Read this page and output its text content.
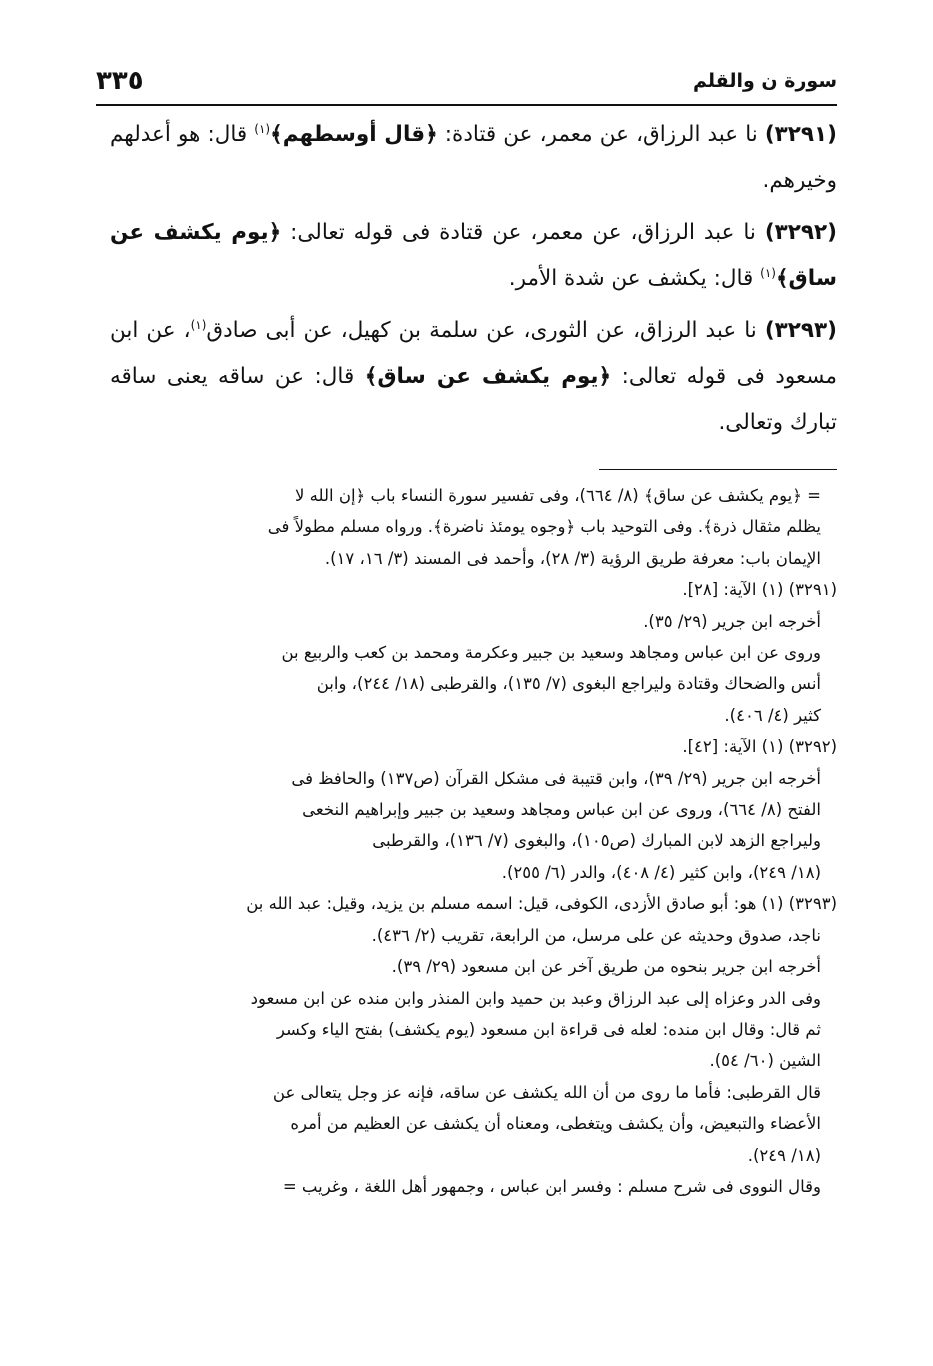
سورة ن والقلم
٣٣٥

(٣٢٩١) نا عبد الرزاق، عن معمر، عن قتادة: ﴿قال أوسطهم﴾$^{(١)}$ قال: هو أعدلهم وخيرهم.

(٣٢٩٢) نا عبد الرزاق، عن معمر، عن قتادة فى قوله تعالى: ﴿يوم يكشف عن ساق﴾$^{(١)}$ قال: يكشف عن شدة الأمر.

(٣٢٩٣) نا عبد الرزاق، عن الثورى، عن سلمة بن كهيل، عن أبى صادق$^{(١)}$، عن ابن مسعود فى قوله تعالى: ﴿يوم يكشف عن ساق﴾ قال: عن ساقه يعنى ساقه تبارك وتعالى.

= ﴿يوم يكشف عن ساق﴾ (٨/ ٦٦٤)، وفى تفسير سورة النساء باب ﴿إن الله لا
يظلم مثقال ذرة﴾. وفى التوحيد باب ﴿وجوه يومئذ ناضرة﴾. ورواه مسلم مطولاً فى
الإيمان باب: معرفة طريق الرؤية (٣/ ٢٨)، وأحمد فى المسند (٣/ ١٦، ١٧).
(٣٢٩١) (١) الآية: [٢٨].
أخرجه ابن جرير (٢٩/ ٣٥).
وروى عن ابن عباس ومجاهد وسعيد بن جبير وعكرمة ومحمد بن كعب والربيع بن
أنس والضحاك وقتادة وليراجع البغوى (٧/ ١٣٥)، والقرطبى (١٨/ ٢٤٤)، وابن
كثير (٤/ ٤٠٦).
(٣٢٩٢) (١) الآية: [٤٢].
أخرجه ابن جرير (٢٩/ ٣٩)، وابن قتيبة فى مشكل القرآن (ص١٣٧) والحافظ فى
الفتح (٨/ ٦٦٤)، وروى عن ابن عباس ومجاهد وسعيد بن جبير وإبراهيم النخعى
وليراجع الزهد لابن المبارك (ص١٠٥)، والبغوى (٧/ ١٣٦)، والقرطبى
(١٨/ ٢٤٩)، وابن كثير (٤/ ٤٠٨)، والدر (٦/ ٢٥٥).
(٣٢٩٣) (١) هو: أبو صادق الأزدى، الكوفى، قيل: اسمه مسلم بن يزيد، وقيل: عبد الله بن
ناجد، صدوق وحديثه عن على مرسل، من الرابعة، تقريب (٢/ ٤٣٦).
أخرجه ابن جرير بنحوه من طريق آخر عن ابن مسعود (٢٩/ ٣٩).
وفى الدر وعزاه إلى عبد الرزاق وعبد بن حميد وابن المنذر وابن منده عن ابن مسعود
ثم قال: وقال ابن منده: لعله فى قراءة ابن مسعود (يوم يكشف) بفتح الياء وكسر
الشين (٦٠/ ٥٤).
قال القرطبى: فأما ما روى من أن الله يكشف عن ساقه، فإنه عز وجل يتعالى عن
الأعضاء والتبعيض، وأن يكشف ويتغطى، ومعناه أن يكشف عن العظيم من أمره
(١٨/ ٢٤٩).
وقال النووى فى شرح مسلم : وفسر ابن عباس ، وجمهور أهل اللغة ، وغريب =
